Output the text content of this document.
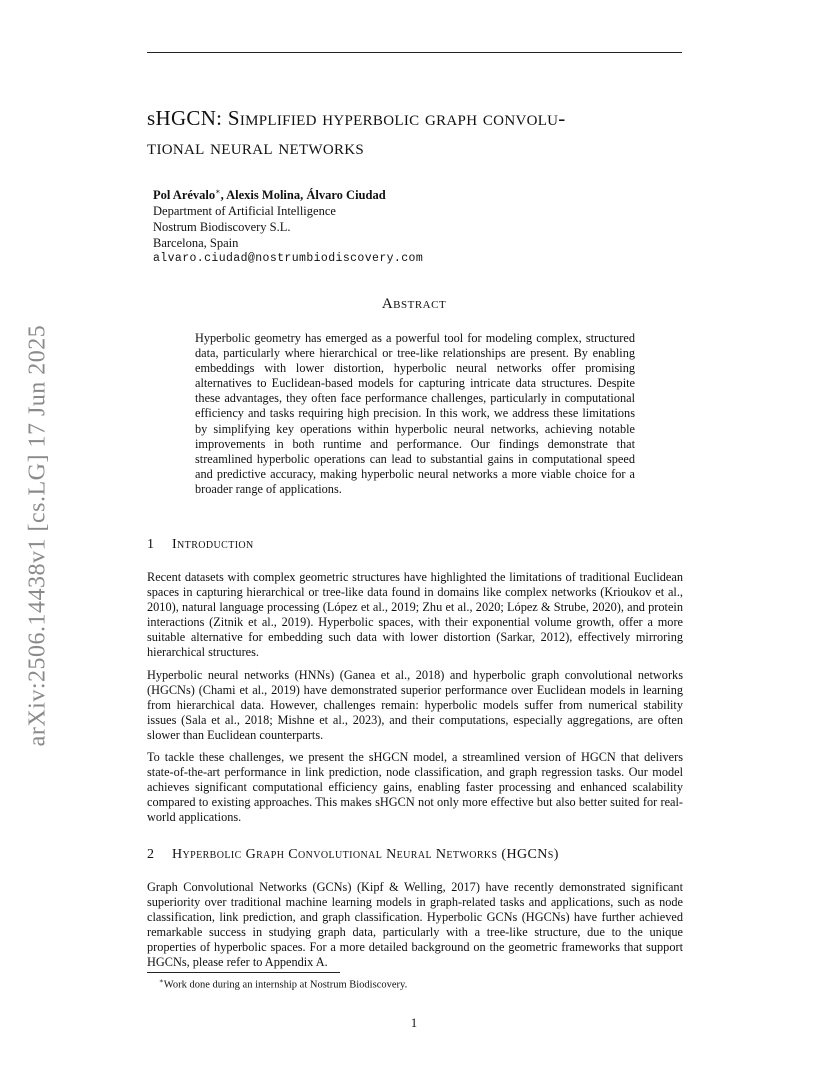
arXiv:2506.14438v1 [cs.LG] 17 Jun 2025
sHGCN: Simplified hyperbolic graph convolu-
tional neural networks
Pol Arévalo∗, Alexis Molina, Álvaro Ciudad
Department of Artificial Intelligence
Nostrum Biodiscovery S.L.
Barcelona, Spain
alvaro.ciudad@nostrumbiodiscovery.com
Abstract
Hyperbolic geometry has emerged as a powerful tool for modeling complex, structured data, particularly where hierarchical or tree-like relationships are present. By enabling embeddings with lower distortion, hyperbolic neural networks offer promising alternatives to Euclidean-based models for capturing intricate data structures. Despite these advantages, they often face performance challenges, particularly in computational efficiency and tasks requiring high precision. In this work, we address these limitations by simplifying key operations within hyperbolic neural networks, achieving notable improvements in both runtime and performance. Our findings demonstrate that streamlined hyperbolic operations can lead to substantial gains in computational speed and predictive accuracy, making hyperbolic neural networks a more viable choice for a broader range of applications.
1 Introduction

Recent datasets with complex geometric structures have highlighted the limitations of traditional Euclidean spaces in capturing hierarchical or tree-like data found in domains like complex networks (Krioukov et al., 2010), natural language processing (López et al., 2019; Zhu et al., 2020; López & Strube, 2020), and protein interactions (Zitnik et al., 2019). Hyperbolic spaces, with their exponential volume growth, offer a more suitable alternative for embedding such data with lower distortion (Sarkar, 2012), effectively mirroring hierarchical structures.

Hyperbolic neural networks (HNNs) (Ganea et al., 2018) and hyperbolic graph convolutional networks (HGCNs) (Chami et al., 2019) have demonstrated superior performance over Euclidean models in learning from hierarchical data. However, challenges remain: hyperbolic models suffer from numerical stability issues (Sala et al., 2018; Mishne et al., 2023), and their computations, especially aggregations, are often slower than Euclidean counterparts.

To tackle these challenges, we present the sHGCN model, a streamlined version of HGCN that delivers state-of-the-art performance in link prediction, node classification, and graph regression tasks. Our model achieves significant computational efficiency gains, enabling faster processing and enhanced scalability compared to existing approaches. This makes sHGCN not only more effective but also better suited for real-world applications.

2 Hyperbolic Graph Convolutional Neural Networks (HGCNs)

Graph Convolutional Networks (GCNs) (Kipf & Welling, 2017) have recently demonstrated significant superiority over traditional machine learning models in graph-related tasks and applications, such as node classification, link prediction, and graph classification. Hyperbolic GCNs (HGCNs) have further achieved remarkable success in studying graph data, particularly with a tree-like structure, due to the unique properties of hyperbolic spaces. For a more detailed background on the geometric frameworks that support HGCNs, please refer to Appendix A.

∗Work done during an internship at Nostrum Biodiscovery.
1
